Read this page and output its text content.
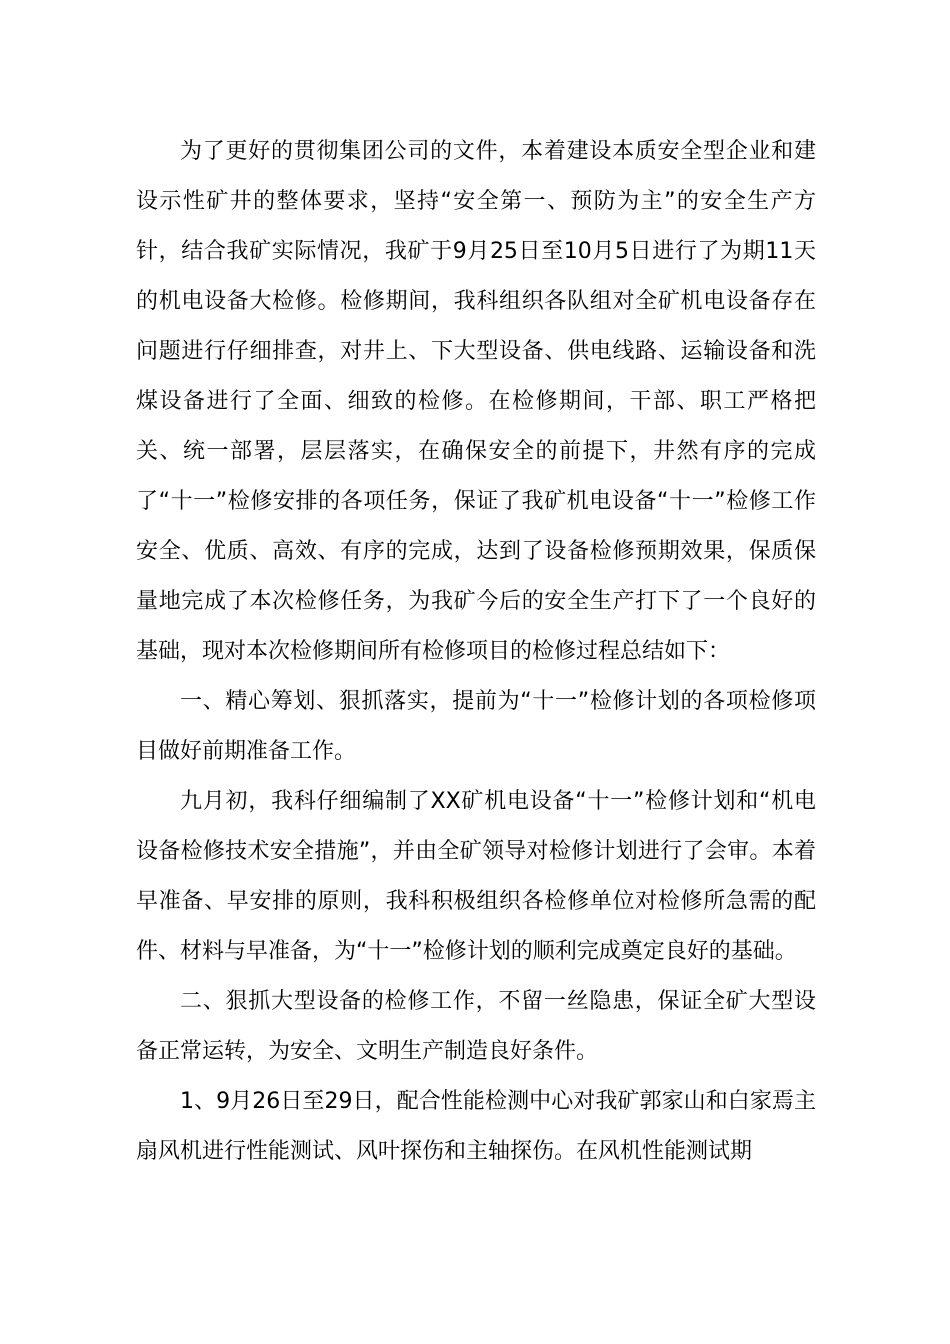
为了更好的贯彻集团公司的文件，本着建设本质安全型企业和建设示性矿井的整体要求，坚持“安全第一、预防为主”的安全生产方针，结合我矿实际情况，我矿于9月25日至10月5日进行了为期11天的机电设备大检修。检修期间，我科组织各队组对全矿机电设备存在问题进行仔细排查，对井上、下大型设备、供电线路、运输设备和洗煤设备进行了全面、细致的检修。在检修期间，干部、职工严格把关、统一部署，层层落实，在确保安全的前提下，井然有序的完成了“十一”检修安排的各项任务，保证了我矿机电设备“十一”检修工作安全、优质、高效、有序的完成，达到了设备检修预期效果，保质保量地完成了本次检修任务，为我矿今后的安全生产打下了一个良好的基础，现对本次检修期间所有检修项目的检修过程总结如下：

一、精心筹划、狠抓落实，提前为“十一”检修计划的各项检修项目做好前期准备工作。

九月初，我科仔细编制了XX矿机电设备“十一”检修计划和“机电设备检修技术安全措施”，并由全矿领导对检修计划进行了会审。本着早准备、早安排的原则，我科积极组织各检修单位对检修所急需的配件、材料与早准备，为“十一”检修计划的顺利完成奠定良好的基础。

二、狠抓大型设备的检修工作，不留一丝隐患，保证全矿大型设备正常运转，为安全、文明生产制造良好条件。

1、9月26日至29日，配合性能检测中心对我矿郭家山和白家焉主扇风机进行性能测试、风叶探伤和主轴探伤。在风机性能测试期
